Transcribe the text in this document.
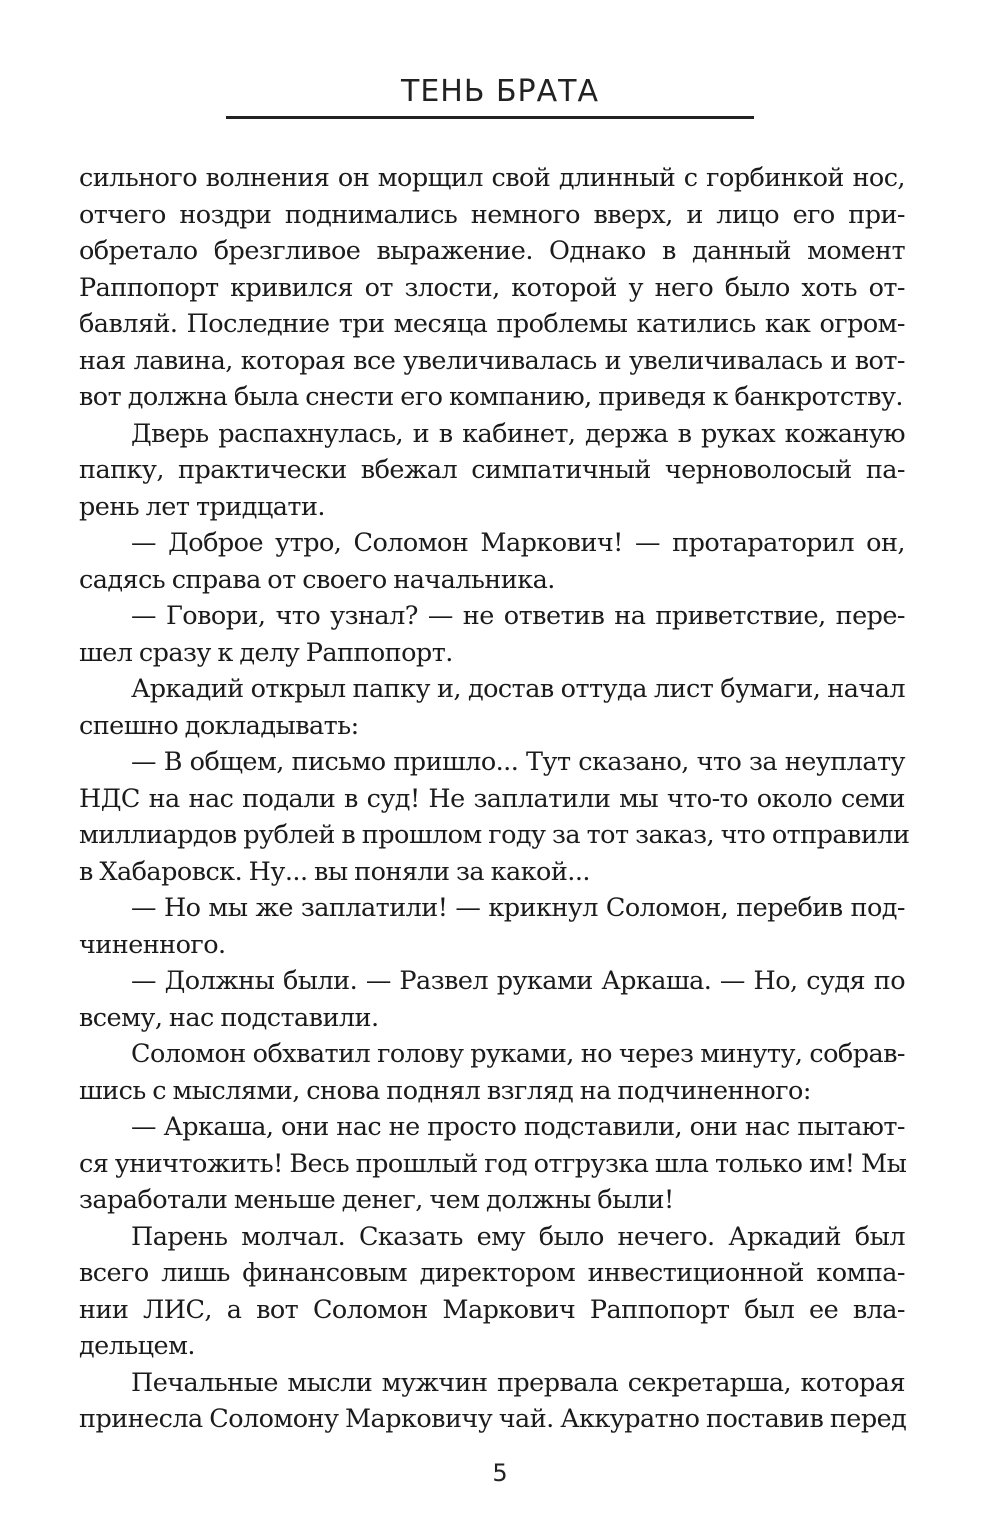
ТЕНЬ БРАТА
сильного волнения он морщил свой длинный с горбинкой нос,
отчего ноздри поднимались немного вверх, и лицо его при-
обретало брезгливое выражение. Однако в данный момент
Раппопорт кривился от злости, которой у него было хоть от-
бавляй. Последние три месяца проблемы катились как огром-
ная лавина, которая все увеличивалась и увеличивалась и вот-
вот должна была снести его компанию, приведя к банкротству.
Дверь распахнулась, и в кабинет, держа в руках кожаную
папку, практически вбежал симпатичный черноволосый па-
рень лет тридцати.
— Доброе утро, Соломон Маркович! — протараторил он,
садясь справа от своего начальника.
— Говори, что узнал? — не ответив на приветствие, пере-
шел сразу к делу Раппопорт.
Аркадий открыл папку и, достав оттуда лист бумаги, начал
спешно докладывать:
— В общем, письмо пришло... Тут сказано, что за неуплату
НДС на нас подали в суд! Не заплатили мы что-то около семи
миллиардов рублей в прошлом году за тот заказ, что отправили
в Хабаровск. Ну... вы поняли за какой...
— Но мы же заплатили! — крикнул Соломон, перебив под-
чиненного.
— Должны были. — Развел руками Аркаша. — Но, судя по
всему, нас подставили.
Соломон обхватил голову руками, но через минуту, собрав-
шись с мыслями, снова поднял взгляд на подчиненного:
— Аркаша, они нас не просто подставили, они нас пытают-
ся уничтожить! Весь прошлый год отгрузка шла только им! Мы
заработали меньше денег, чем должны были!
Парень молчал. Сказать ему было нечего. Аркадий был
всего лишь финансовым директором инвестиционной компа-
нии ЛИС, а вот Соломон Маркович Раппопорт был ее вла-
дельцем.
Печальные мысли мужчин прервала секретарша, которая
принесла Соломону Марковичу чай. Аккуратно поставив перед
5
